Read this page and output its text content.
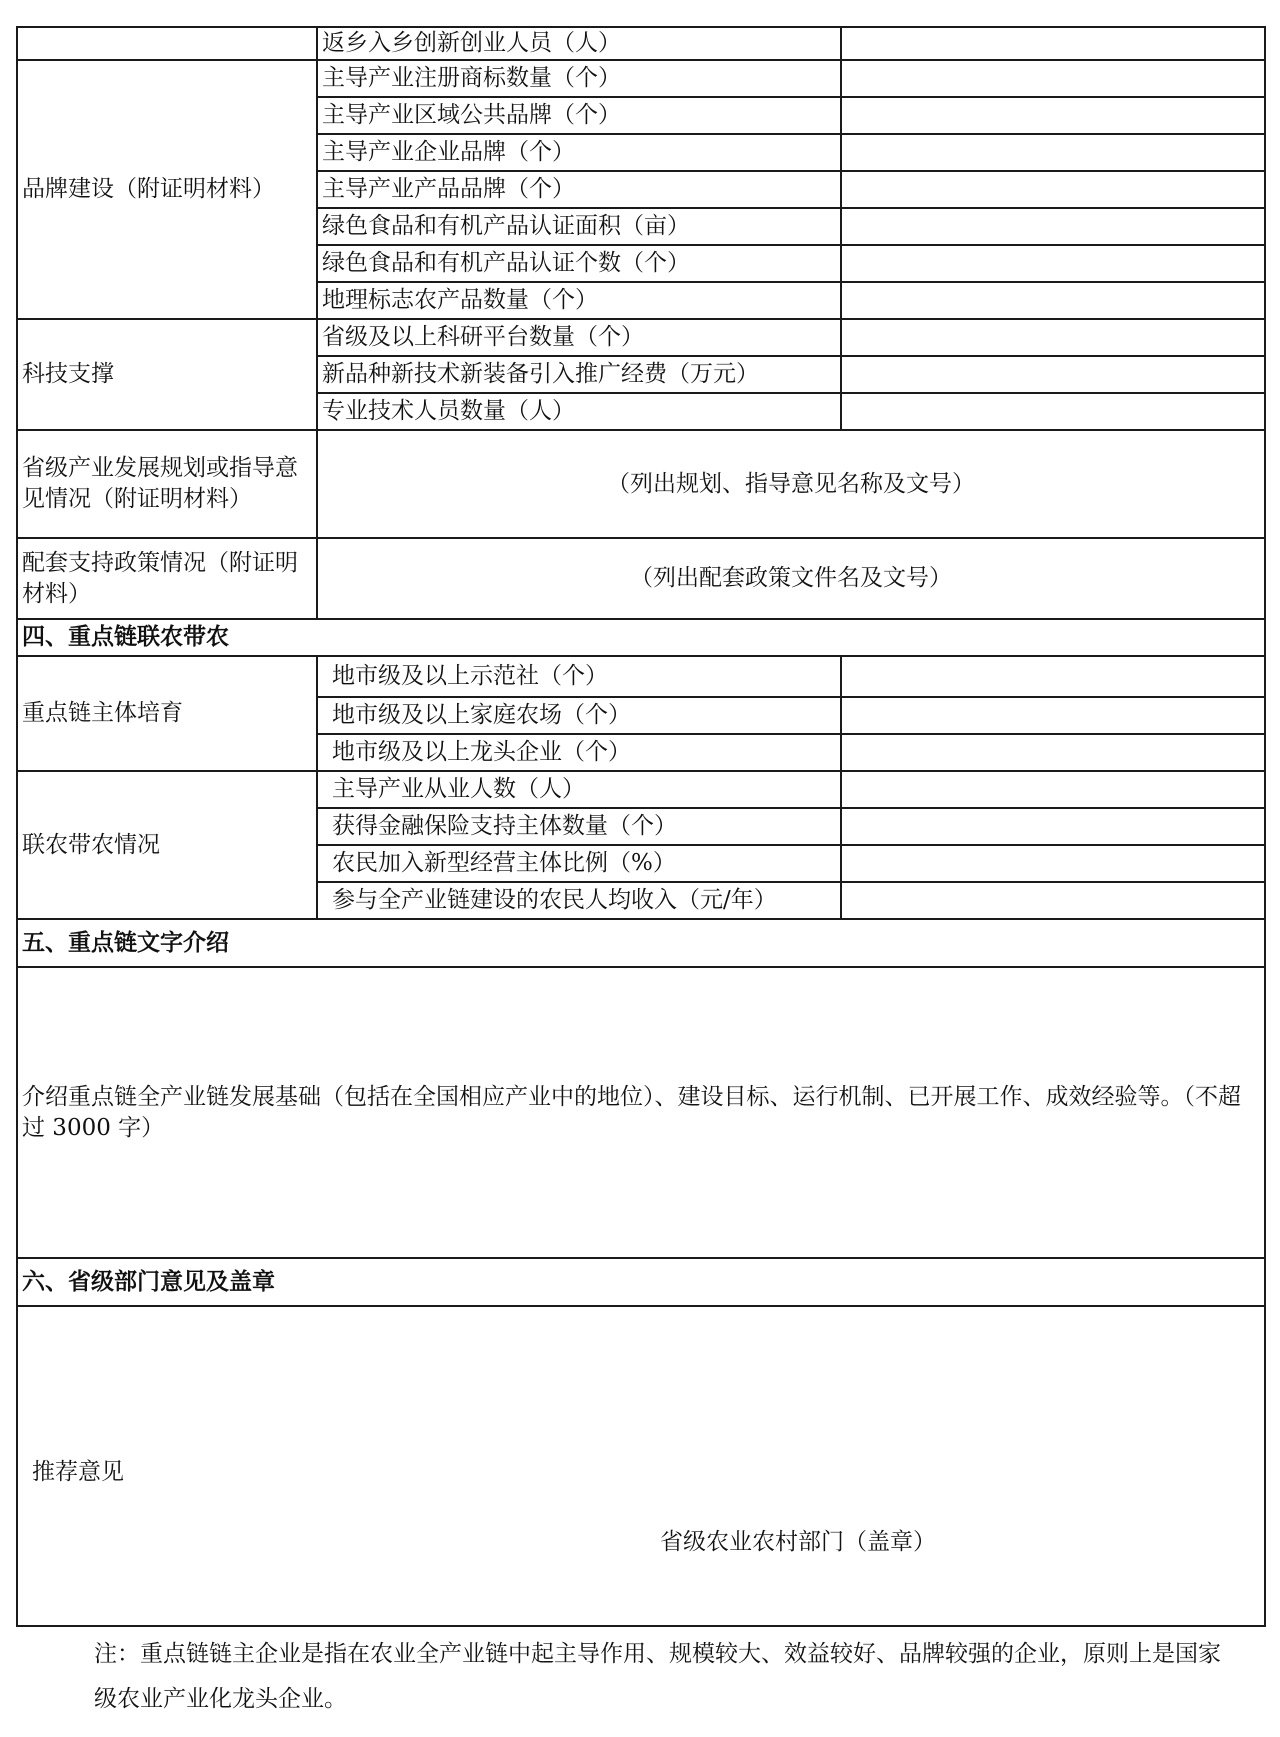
	返乡入乡创新创业人员（人）	
品牌建设（附证明材料）	主导产业注册商标数量（个）	
	主导产业区域公共品牌（个）	
	主导产业企业品牌（个）	
	主导产业产品品牌（个）	
	绿色食品和有机产品认证面积（亩）	
	绿色食品和有机产品认证个数（个）	
	地理标志农产品数量（个）	
科技支撑	省级及以上科研平台数量（个）	
	新品种新技术新装备引入推广经费（万元）	
	专业技术人员数量（人）	
省级产业发展规划或指导意见情况（附证明材料）	（列出规划、指导意见名称及文号）	
配套支持政策情况（附证明材料）	（列出配套政策文件名及文号）	
四、重点链联农带农		
重点链主体培育	地市级及以上示范社（个）	
	地市级及以上家庭农场（个）	
	地市级及以上龙头企业（个）	
联农带农情况	主导产业从业人数（人）	
	获得金融保险支持主体数量（个）	
	农民加入新型经营主体比例（%）	
	参与全产业链建设的农民人均收入（元/年）	
五、重点链文字介绍		
介绍重点链全产业链发展基础（包括在全国相应产业中的地位）、建设目标、运行机制、已开展工作、成效经验等。（不超过 3000 字）		
六、省级部门意见及盖章		

推荐意见
省级农业农村部门（盖章）		
注：重点链链主企业是指在农业全产业链中起主导作用、规模较大、效益较好、品牌较强的企业，原则上是国家级农业产业化龙头企业。
